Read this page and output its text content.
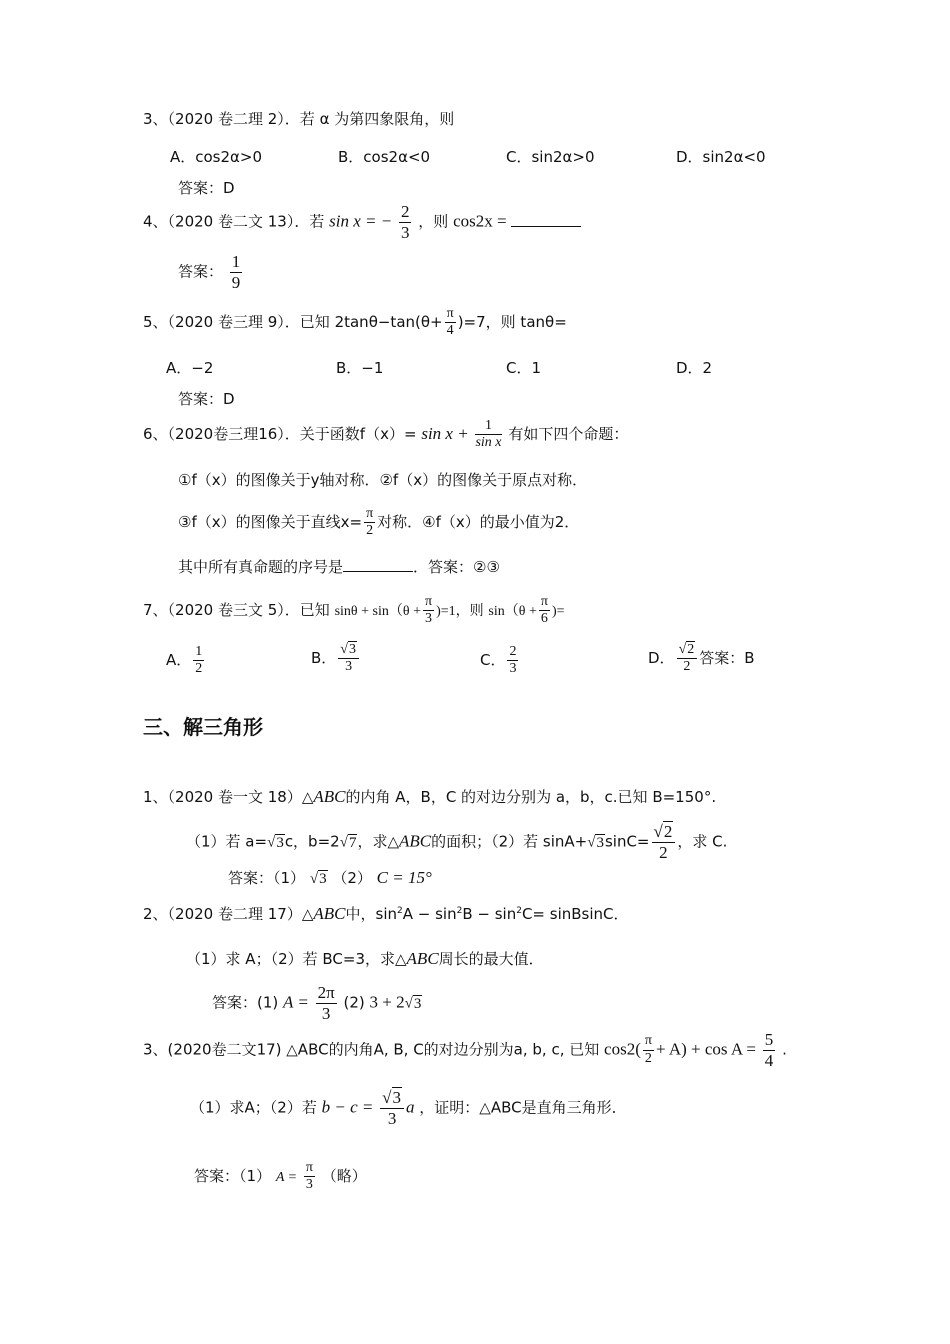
3、（2020 卷二理 2）．若 α 为第四象限角，则
A．cos2α>0	B．cos2α<0	C．sin2α>0	D．sin2α<0
答案：D
4、（2020 卷二文 13）．若 sin x = − $\frac{2}{3}$ ，则 cos2x =
答案： $\frac{1}{9}$
5、（2020 卷三理 9）．已知 $2\tan\theta-\tan(\theta+ \frac{\pi}{4} )=7$，则 tanθ=
A．−2	B．−1	C．1	D．2
答案：D
6、（2020卷三理16）．关于函数$f(x)= \sin x + \frac{1}{\text{sin x}}$ 有如下四个命题：
①f（x）的图像关于y轴对称．②f（x）的图像关于原点对称．
③f（x）的图像关于直线$x= \frac{\pi}{2}$ 对称．④f（x）的最小值为2．
其中所有真命题的序号是	．答案：②③
7、（2020 卷三文 5）．已知 $\sin\theta + \sin(\theta + \frac{\pi}{3} )=1$，则 $\sin(\theta + \frac{\pi}{6}$ )=
A． $\frac{1}{2}$	B． $\frac{√3}{3}$	C． $\frac{2}{3}$	D． $\frac{√2}{2}$ 答案：B
三、解三角形
1、（2020 卷一文 18）△ABC的内角 A，B，C 的对边分别为 a，b，c.已知 B=150°.
（1）若 a=√3c，b=2√7，求△ABC的面积；（2）若 $\sin A+√3\sin C= \frac{√2}{2}$ ，求 C.
答案：（1） √3 （2） C = 15°
2、（2020 卷二理 17）△ABC中，$\sin^2A - \sin^2B - \sin^2C=$ sinBsinC．
（1）求 A；（2）若 BC=3，求△ABC周长的最大值．
答案：(1) $A = \frac{2\pi}{3} (2) 3 + 2√3$
3、(2020卷二文17) △ABC的内角A, B, C的对边分别为a, b, c, 已知 $\cos 2( \frac{\pi}{2} + A) + \cos A = \frac{5}{4}$ .
（1）求A；（2）若 $b - c = \frac{√3}{3}$ a ，证明：△ABC是直角三角形．
答案：（1） $A = \frac{\pi}{3}$ （略）
